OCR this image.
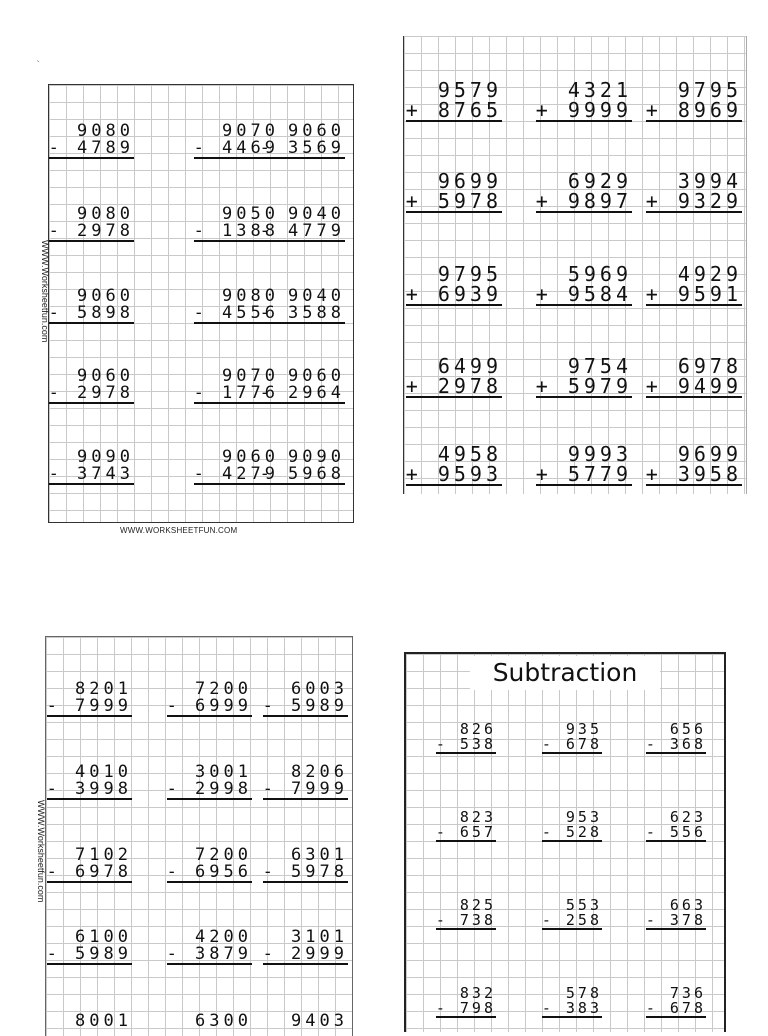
`
9080
- 4789
9070
- 4469
9060
- 3569
9080
- 2978
9050
- 1388
9040
- 4779
9060
- 5898
9080
- 4556
9040
- 3588
9060
- 2978
9070
- 1776
9060
- 2964
9090
- 3743
9060
- 4279
9090
- 5968
WWW.Worksheetfun.com
WWW.WORKSHEETFUN.COM
9579
+ 8765
4321
+ 9999
9795
+ 8969
9699
+ 5978
6929
+ 9897
3994
+ 9329
9795
+ 6939
5969
+ 9584
4929
+ 9591
6499
+ 2978
9754
+ 5979
6978
+ 9499
4958
+ 9593
9993
+ 5779
9699
+ 3958
8201
- 7999
7200
- 6999
6003
- 5989
4010
- 3998
3001
- 2998
8206
- 7999
7102
- 6978
7200
- 6956
6301
- 5978
6100
- 5989
4200
- 3879
3101
- 2999
8001	6300 9403
WWW.Worksheetfun.com
Subtraction
826
- 538
935
- 678
656
- 368
823
- 657
953
- 528
623
- 556
825
- 738
553
- 258
663
- 378
832
- 798
578
- 383
736
- 678
